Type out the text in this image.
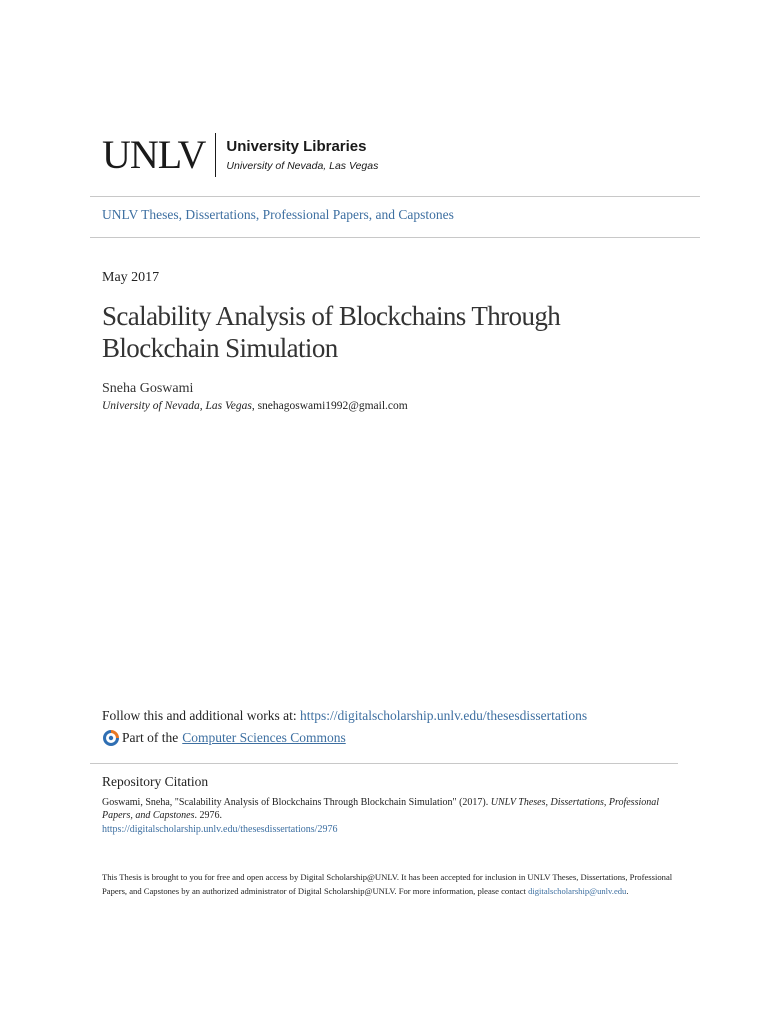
UNLV University Libraries
University of Nevada, Las Vegas
UNLV Theses, Dissertations, Professional Papers, and Capstones
May 2017
Scalability Analysis of Blockchains Through Blockchain Simulation
Sneha Goswami
University of Nevada, Las Vegas, snehagoswami1992@gmail.com
Follow this and additional works at: https://digitalscholarship.unlv.edu/thesesdissertations
Part of the Computer Sciences Commons
Repository Citation
Goswami, Sneha, "Scalability Analysis of Blockchains Through Blockchain Simulation" (2017). UNLV Theses, Dissertations, Professional Papers, and Capstones. 2976.
https://digitalscholarship.unlv.edu/thesesdissertations/2976
This Thesis is brought to you for free and open access by Digital Scholarship@UNLV. It has been accepted for inclusion in UNLV Theses, Dissertations, Professional Papers, and Capstones by an authorized administrator of Digital Scholarship@UNLV. For more information, please contact digitalscholarship@unlv.edu.
